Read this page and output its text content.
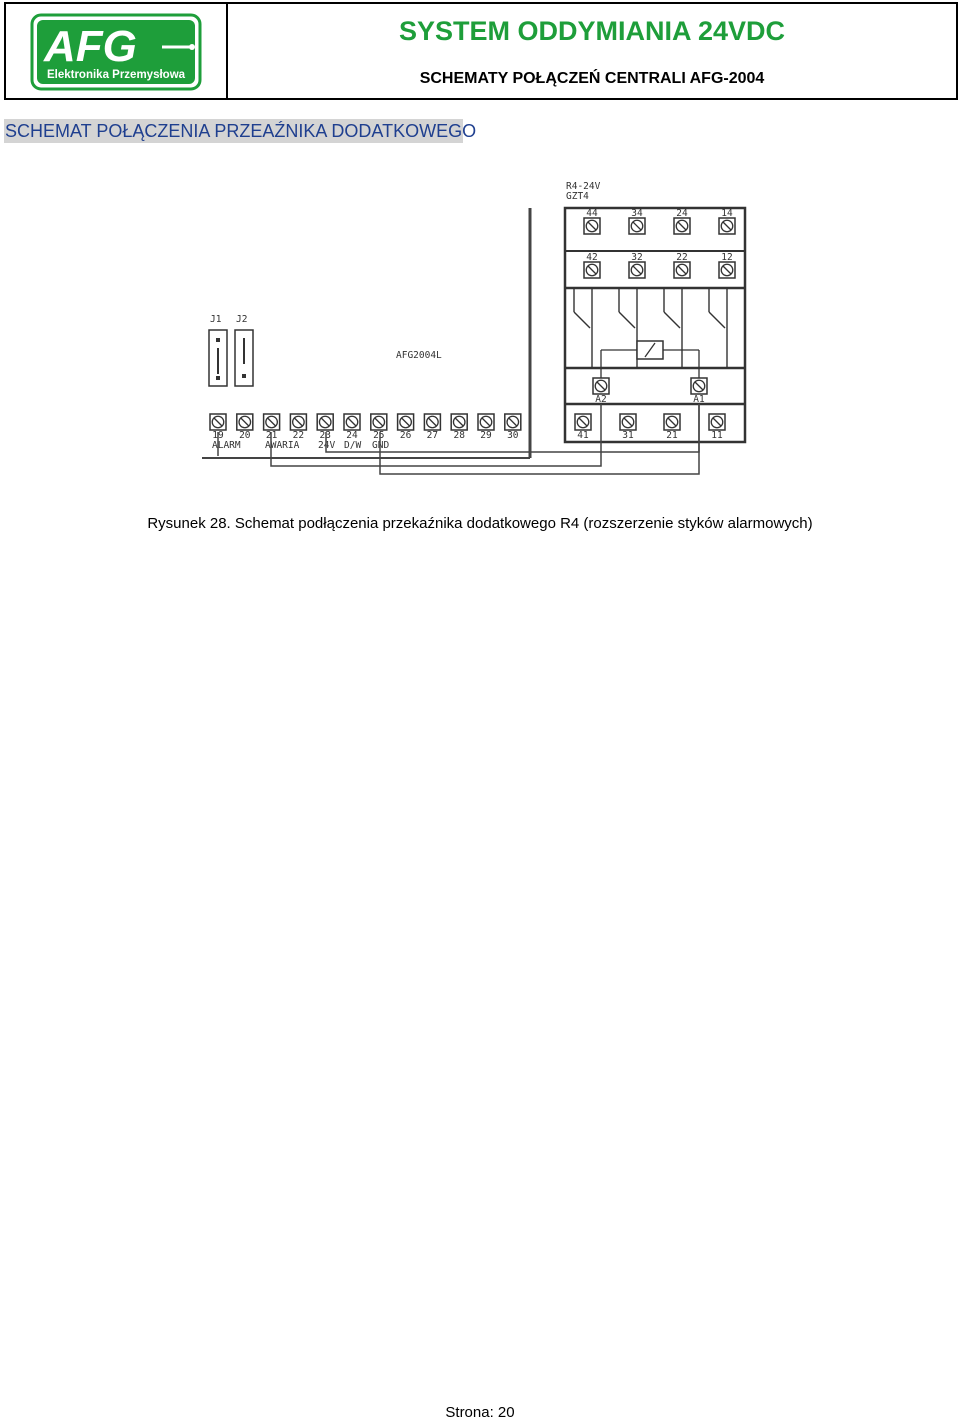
AFG
Elektronika Przemysłowa
SYSTEM ODDYMIANIA 24VDC
SCHEMATY POŁĄCZEŃ CENTRALI AFG-2004
SCHEMAT POŁĄCZENIA PRZEAŹNIKA DODATKOWEGO
AFG2004L
J1 J2
19 20 21 22 23 24 25 26 27 28 29 30
ALARM	AWARIA 24V D/W GND
R4-24V
GZT4
44	34	24	14
42	32	22	12
A2	A1
41	31	21	11
Rysunek 28. Schemat podłączenia przekaźnika dodatkowego R4 (rozszerzenie styków alarmowych)
Strona: 20
